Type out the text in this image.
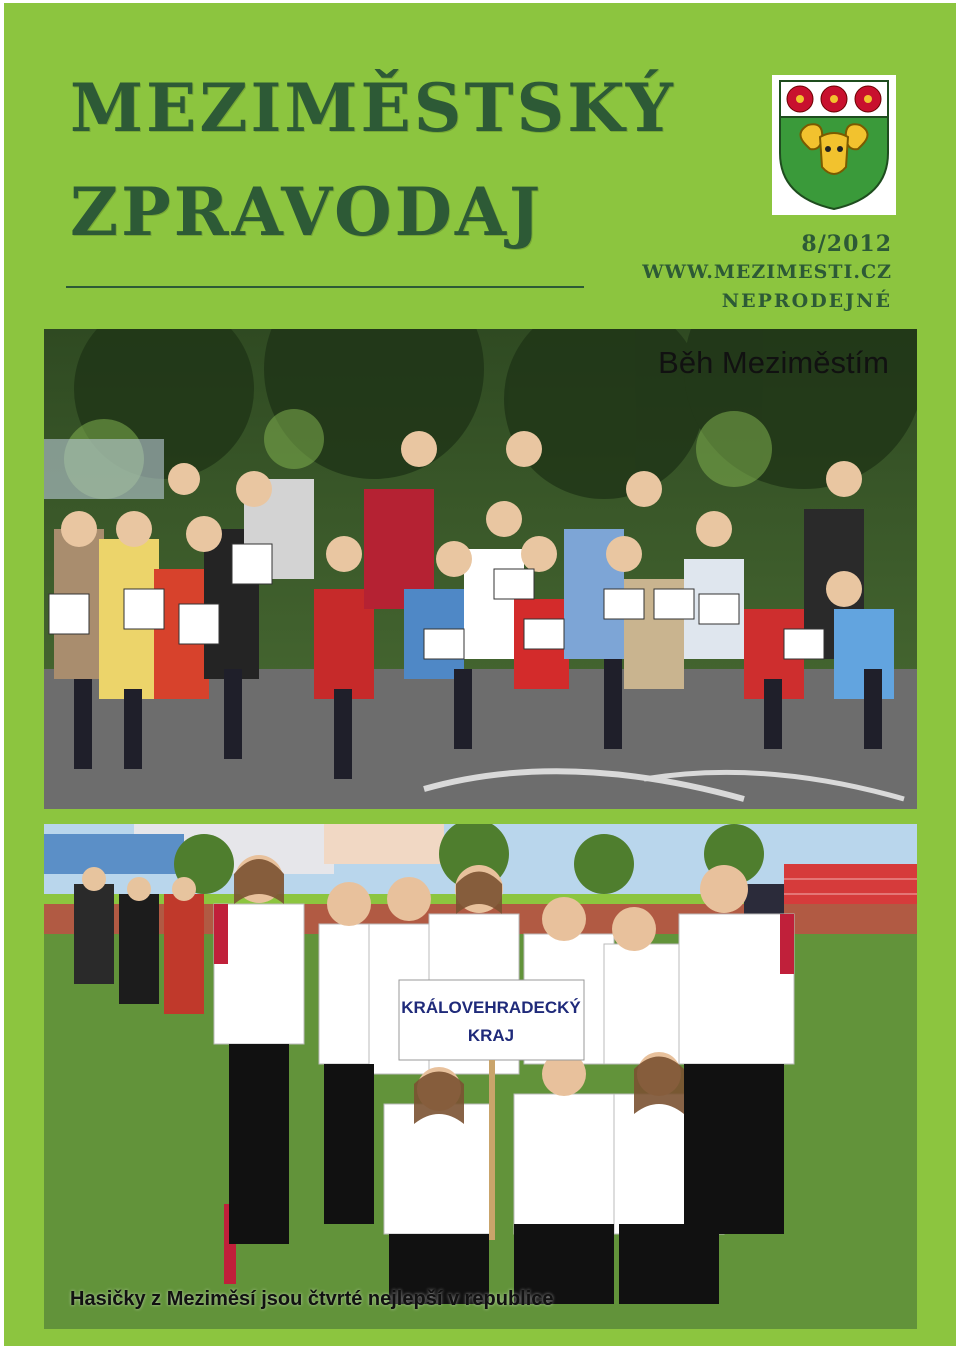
MEZIMĚSTSKÝ
ZPRAVODAJ	8/2012
WWW.MEZIMESTI.CZ
NEPRODEJNÉ
Běh Meziměstím
KRÁLOVEHRADECKÝ
KRAJ
Hasičky z Meziměsí jsou čtvrté nejlepší v republice
